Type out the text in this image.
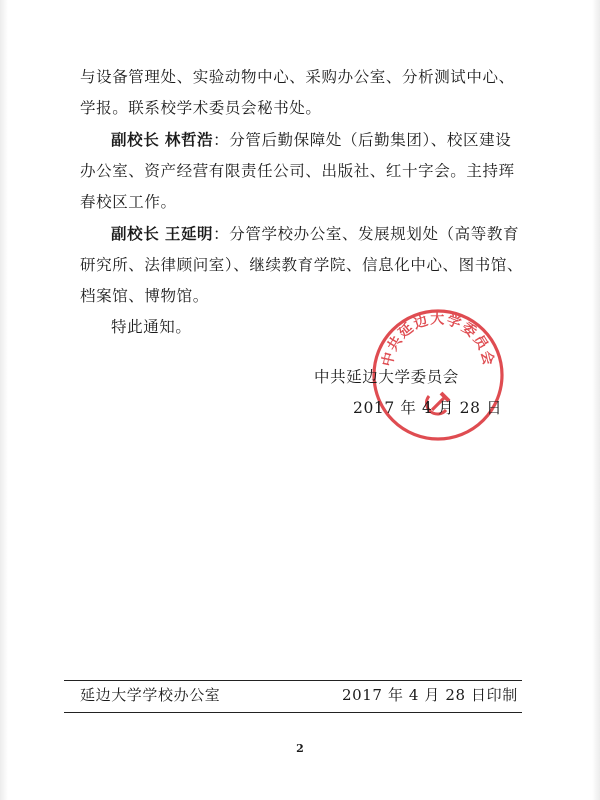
与设备管理处、实验动物中心、采购办公室、分析测试中心、
学报。联系校学术委员会秘书处。
副校长 林哲浩：分管后勤保障处（后勤集团）、校区建设
办公室、资产经营有限责任公司、出版社、红十字会。主持珲
春校区工作。
副校长 王延明：分管学校办公室、发展规划处（高等教育
研究所、法律顾问室）、继续教育学院、信息化中心、图书馆、
档案馆、博物馆。
特此通知。
中共延边大学委员会
中共延边大学委员会
2017 年 4 月 28 日
延边大学学校办公室	2017 年 4 月 28 日印制
2
